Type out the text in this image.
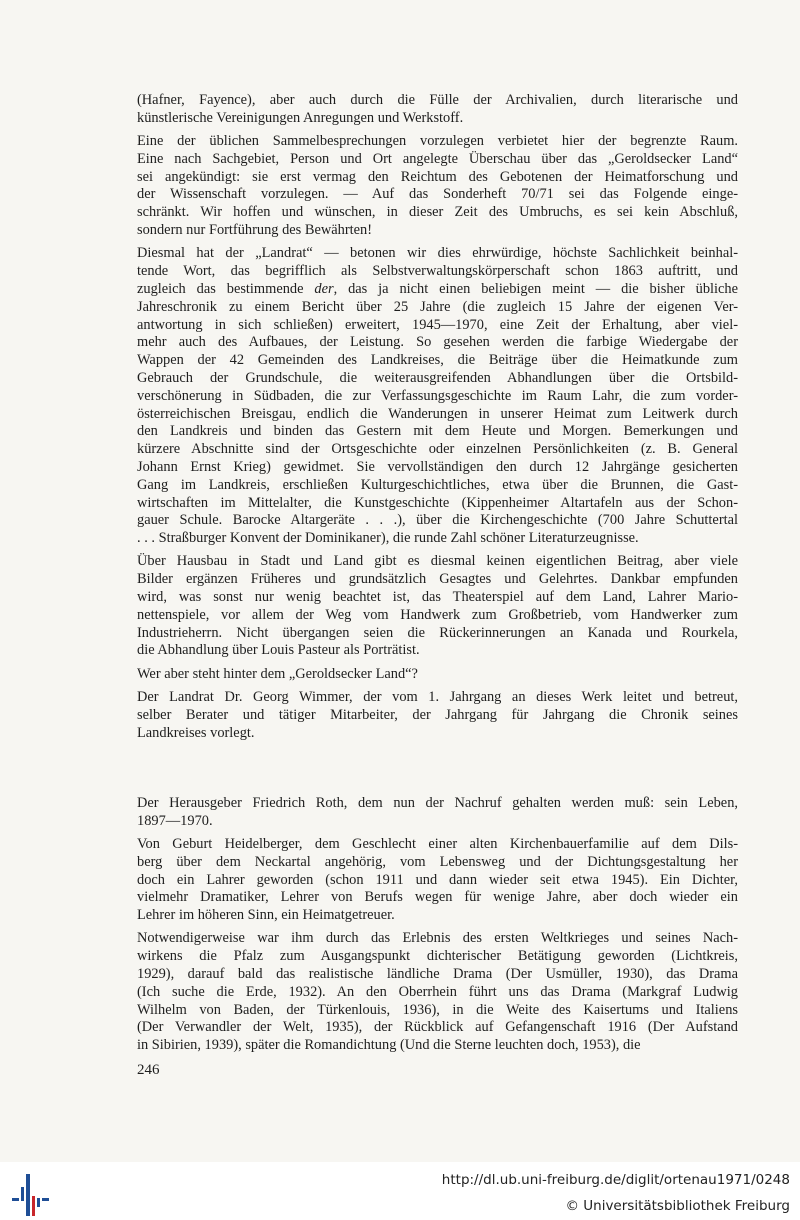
(Hafner, Fayence), aber auch durch die Fülle der Archivalien, durch literarische und
künstlerische Vereinigungen Anregungen und Werkstoff.

Eine der üblichen Sammelbesprechungen vorzulegen verbietet hier der begrenzte Raum.
Eine nach Sachgebiet, Person und Ort angelegte Überschau über das „Geroldsecker Land“
sei angekündigt: sie erst vermag den Reichtum des Gebotenen der Heimatforschung und
der Wissenschaft vorzulegen. — Auf das Sonderheft 70/71 sei das Folgende einge-
schränkt. Wir hoffen und wünschen, in dieser Zeit des Umbruchs, es sei kein Abschluß,
sondern nur Fortführung des Bewährten!

Diesmal hat der „Landrat“ — betonen wir dies ehrwürdige, höchste Sachlichkeit beinhal-
tende Wort, das begrifflich als Selbstverwaltungskörperschaft schon 1863 auftritt, und
zugleich das bestimmende der, das ja nicht einen beliebigen meint — die bisher übliche
Jahreschronik zu einem Bericht über 25 Jahre (die zugleich 15 Jahre der eigenen Ver-
antwortung in sich schließen) erweitert, 1945—1970, eine Zeit der Erhaltung, aber viel-
mehr auch des Aufbaues, der Leistung. So gesehen werden die farbige Wiedergabe der
Wappen der 42 Gemeinden des Landkreises, die Beiträge über die Heimatkunde zum
Gebrauch der Grundschule, die weiterausgreifenden Abhandlungen über die Ortsbild-
verschönerung in Südbaden, die zur Verfassungsgeschichte im Raum Lahr, die zum vorder-
österreichischen Breisgau, endlich die Wanderungen in unserer Heimat zum Leitwerk durch
den Landkreis und binden das Gestern mit dem Heute und Morgen. Bemerkungen und
kürzere Abschnitte sind der Ortsgeschichte oder einzelnen Persönlichkeiten (z. B. General
Johann Ernst Krieg) gewidmet. Sie vervollständigen den durch 12 Jahrgänge gesicherten
Gang im Landkreis, erschließen Kulturgeschichtliches, etwa über die Brunnen, die Gast-
wirtschaften im Mittelalter, die Kunstgeschichte (Kippenheimer Altartafeln aus der Schon-
gauer Schule. Barocke Altargeräte . . .), über die Kirchengeschichte (700 Jahre Schuttertal
. . . Straßburger Konvent der Dominikaner), die runde Zahl schöner Literaturzeugnisse.

Über Hausbau in Stadt und Land gibt es diesmal keinen eigentlichen Beitrag, aber viele
Bilder ergänzen Früheres und grundsätzlich Gesagtes und Gelehrtes. Dankbar empfunden
wird, was sonst nur wenig beachtet ist, das Theaterspiel auf dem Land, Lahrer Mario-
nettenspiele, vor allem der Weg vom Handwerk zum Großbetrieb, vom Handwerker zum
Industrieherrn. Nicht übergangen seien die Rückerinnerungen an Kanada und Rourkela,
die Abhandlung über Louis Pasteur als Porträtist.

Wer aber steht hinter dem „Geroldsecker Land“?

Der Landrat Dr. Georg Wimmer, der vom 1. Jahrgang an dieses Werk leitet und betreut,
selber Berater und tätiger Mitarbeiter, der Jahrgang für Jahrgang die Chronik seines
Landkreises vorlegt.

Der Herausgeber Friedrich Roth, dem nun der Nachruf gehalten werden muß: sein Leben,
1897—1970.

Von Geburt Heidelberger, dem Geschlecht einer alten Kirchenbauerfamilie auf dem Dils-
berg über dem Neckartal angehörig, vom Lebensweg und der Dichtungsgestaltung her
doch ein Lahrer geworden (schon 1911 und dann wieder seit etwa 1945). Ein Dichter,
vielmehr Dramatiker, Lehrer von Berufs wegen für wenige Jahre, aber doch wieder ein
Lehrer im höheren Sinn, ein Heimatgetreuer.

Notwendigerweise war ihm durch das Erlebnis des ersten Weltkrieges und seines Nach-
wirkens die Pfalz zum Ausgangspunkt dichterischer Betätigung geworden (Lichtkreis,
1929), darauf bald das realistische ländliche Drama (Der Usmüller, 1930), das Drama
(Ich suche die Erde, 1932). An den Oberrhein führt uns das Drama (Markgraf Ludwig
Wilhelm von Baden, der Türkenlouis, 1936), in die Weite des Kaisertums und Italiens
(Der Verwandler der Welt, 1935), der Rückblick auf Gefangenschaft 1916 (Der Aufstand
in Sibirien, 1939), später die Romandichtung (Und die Sterne leuchten doch, 1953), die

246
http://dl.ub.uni-freiburg.de/diglit/ortenau1971/0248
© Universitätsbibliothek Freiburg
